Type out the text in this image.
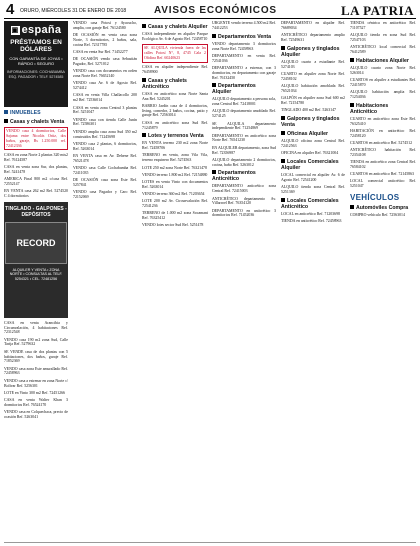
4 ORURO, MIÉRCOLES 31 DE ENERO DE 2018	AVISOS ECONÓMICOS	LA PATRIA
▣ españa
PRÉSTAMOS EN DÓLARES
CON GARANTÍA DE JOYAS • RÁPIDO • SEGURO
INFORMACIONES: COCHABAMBA ESQ. PAGADOR • TELF. 5274585
INMUEBLES
Casas y chalets Venta

VENDO casa 4 dormitorios, Calle Sajama entre Nicolás Ortiz, dos baños, garaje, Bs 1.250.000 ref. 72412336

CASA en zona Norte 2 plantas 320 mts2 Ref. 76124587

CASA en venta zona Sur, dos plantas, Ref. 5241478

AMERICA Final 800 m2 c/casa Ref. 72552147

EN VENTA casa 262 m2 Ref. 5274520 C 4 dormitorios

TINGLADO - GALPONES - DEPÓSITOS
RECORD
ALQUILER Y VENTA • ZONA NORTE • CONSULTAS AL TELF. 5254321 • CEL. 72481256

CASA en venta Arancibia y Circunvalación, 4 habitaciones Ref. 72312548

VENDO casa 190 m2 zona Sud, Calle Tarija Ref. 5279632

SE VENDE casa de dos plantas con 5 habitaciones, dos baños, garaje Ref. 71852369

VENDO casa zona Este amurallado Ref. 72458963

VENDO casa a estrenar en zona Norte c/ Bolívar Ref. 5256301

LOTE en Vinto 300 m2 Ref. 72451266

CASA en venta Walter Khan 3 dormitorios Ref. 76524170

VENDO casa en Colquechaca, precio de ocasión Ref. 5263041

VENDO casa Potosí y Ayacucho, amplia, con garaje Ref. 76124580

DE OCASIÓN en venta casa zona Norte, 3 dormitorios, 2 baños, sala, cocina Ref. 72317785

CASA en venta Sur Ref. 71452277

DE OCASIÓN vendo casa Sebastián Pagador, Ref. 5271012

VENDO casa con documentos en orden zona Norte Ref. 76652140

VENDO casa Av. 6 de Agosto Ref. 5274412

CASA en venta Villa Challacollo 200 m2 Ref. 72536014

CASA en venta zona Central 3 plantas Ref. 5251047

VENDO casa con tienda Calle Junín Ref. 72586301

VENDO amplia casa zona Sud 350 m2 construidos Ref. 71245698

VENDO casa 2 plantas, 6 dormitorios, Ref. 5263014

EN VENTA casa en Av. Dehene Ref. 76521478

VENDO casa Calle Cochabamba Ref. 72411035

DE OCASIÓN casa zona Este Ref. 5257841

VENDO casa Pagador y Caro Ref. 72152069

Casas y chalets Alquiler

CASA independiente en alquiler Parque Ecológico Av. 6 de Agosto Ref. 72458710

SE ALQUILA vivienda fuera de las calles Potosí N°, 8, 4745 Cala 2 Ofidina Ref. 60240623

CASA en alquiler independiente Ref. 76458900

Casas y chalets Anticrético

CASA en anticrético zona Norte Santa Ana Ref. 5245201

BARRIO Jardín casa de 4 dormitorios, living, comedor, 2 baños, cocina, patio y garaje Ref. 72563014

CASA en anticrético zona Sud Ref. 71245879

Lotes y terrenos Venta

EN VENTA terreno 230 m2 zona Norte Ref. 72458706

TERRENO en venta, zona Vila Vila, terreno esquinero Ref. 5274563

LOTE 250 m2 zona Norte Ref. 76321478

VENDO terreno 1.800 m2 Ref. 72154880

LOTES en venta Vinto con documentos Ref. 5263014

VENDO terreno 360 m2 Ref. 71203654

LOTE 200 m2 Av. Circunvalación Ref. 72541236

TERRENO de 1.000 m2 zona Socamani Ref. 76325412

VENDO lotes sector Sud Ref. 5251478

URGENTE vendo terreno 4.500 m2 Ref. 74412253

Departamentos Venta

VENDO departamento 3 dormitorios zona Norte Ref. 72458963

DEPARTAMENTO en venta Ref. 72541036

DEPARTAMENTO a estrenar, con 3 dormitorios, en departamento con garaje Ref. 76132450

Departamentos Alquiler

ALQUILO departamento a persona sola, zona Central Ref. 72418001

ALQUILO departamento amoblado Ref. 5274125

SE ALQUILA departamento independiente Ref. 71254869

DEPARTAMENTO en anticrético zona Norte Ref. 76541230

EN ALQUILER departamento, zona Sud Ref. 72356987

ALQUILO departamento 2 dormitorios, cocina, baño Ref. 5263012

Departamentos Anticrético

DEPARTAMENTO anticrético zona Central Ref. 72415003

ANTICRÉTICO departamento Av. Villarroel Ref. 76354120

DEPARTAMENTO en anticrético 3 dormitorios Ref. 71452036

DEPARTAMENTO en alquiler Ref. 76689034

ANTICRÉTICO departamento amplio Ref. 72549631

Galpones y tinglados Alquiler

ALQUILO cuarto a estudiante Ref. 5274103

CUARTO en alquiler zona Norte Ref. 72458102

ALQUILO habitación amoblada Ref. 76521034

GALPÓN en alquiler zona Sud 600 m2 Ref. 72154780

TINGLADO 400 m2 Ref. 5263147

Galpones y tinglados Venta
Oficinas Alquiler

ALQUILO oficina zona Central Ref. 72412563

OFICINA en alquiler Ref. 76321004

Locales Comerciales Alquiler

LOCAL comercial en alquiler Av. 6 de Agosto Ref. 72541200

ALQUILO tienda zona Central Ref. 5251369

Locales Comerciales Anticrético

LOCAL en anticrético Ref. 71203698

TIENDA en anticrético Ref. 72458963

TIENDA céntrica en anticrético Ref. 71107527

ALQUILO tienda en zona Sud Ref. 72547103

ANTICRÉTICO local comercial Ref. 76412589

Habitaciones Alquiler

ALQUILO cuarto zona Norte Ref. 5263014

CUARTOS en alquiler a estudiantes Ref. 72415870

ALQUILO habitación amplia Ref. 71254036

Habitaciones Anticrético

CUARTO en anticrético zona Este Ref. 76325410

HABITACIÓN en anticrético Ref. 72458120

CUARTOS en anticrético Ref. 5274512

ANTICRÉTICO habitación Ref. 72354108

TIENDA en anticrético zona Central Ref. 76584102

CUARTOS en anticrético Ref. 72145863

LOCAL comercial anticrético Ref. 5251047

VEHÍCULOS
Automóviles Compra

COMPRO vehículo Ref. 72563014
